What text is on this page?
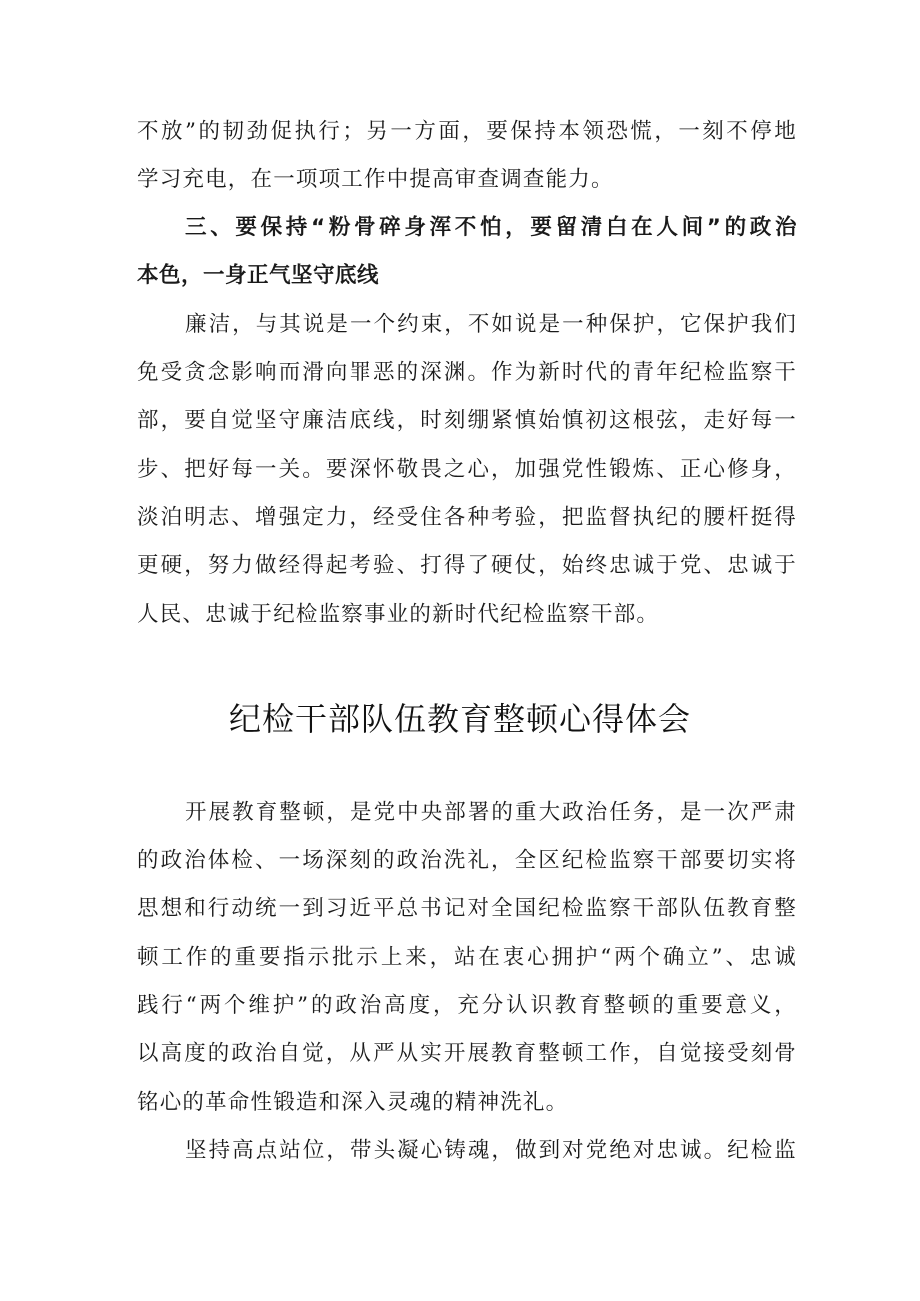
不放”的韧劲促执行；另一方面，要保持本领恐慌，一刻不停地
学习充电，在一项项工作中提高审查调查能力。
三、要保持“粉骨碎身浑不怕，要留清白在人间”的政治
本色，一身正气坚守底线
廉洁，与其说是一个约束，不如说是一种保护，它保护我们
免受贪念影响而滑向罪恶的深渊。作为新时代的青年纪检监察干
部，要自觉坚守廉洁底线，时刻绷紧慎始慎初这根弦，走好每一
步、把好每一关。要深怀敬畏之心，加强党性锻炼、正心修身，
淡泊明志、增强定力，经受住各种考验，把监督执纪的腰杆挺得
更硬，努力做经得起考验、打得了硬仗，始终忠诚于党、忠诚于
人民、忠诚于纪检监察事业的新时代纪检监察干部。
纪检干部队伍教育整顿心得体会
开展教育整顿，是党中央部署的重大政治任务，是一次严肃
的政治体检、一场深刻的政治洗礼，全区纪检监察干部要切实将
思想和行动统一到习近平总书记对全国纪检监察干部队伍教育整
顿工作的重要指示批示上来，站在衷心拥护“两个确立”、忠诚
践行“两个维护”的政治高度，充分认识教育整顿的重要意义，
以高度的政治自觉，从严从实开展教育整顿工作，自觉接受刻骨
铭心的革命性锻造和深入灵魂的精神洗礼。
坚持高点站位，带头凝心铸魂，做到对党绝对忠诚。纪检监
